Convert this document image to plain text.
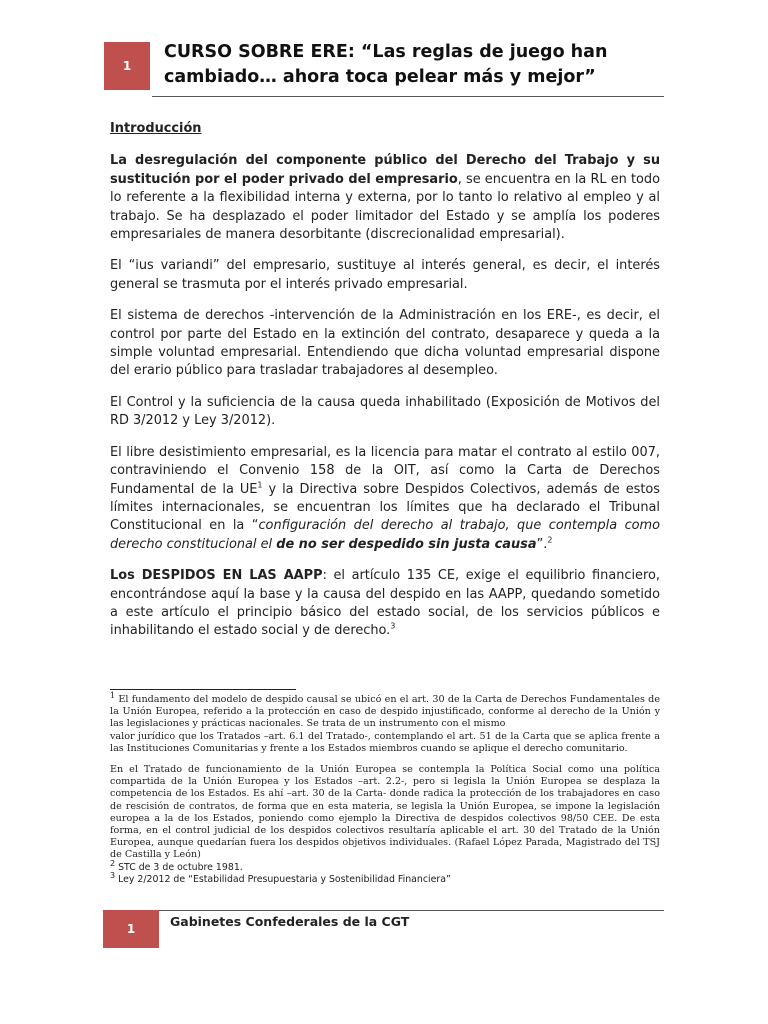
1
CURSO SOBRE ERE: “Las reglas de juego han cambiado… ahora toca pelear más y mejor”

Introducción

La desregulación del componente público del Derecho del Trabajo y su sustitución por el poder privado del empresario, se encuentra en la RL en todo lo referente a la flexibilidad interna y externa, por lo tanto lo relativo al empleo y al trabajo. Se ha desplazado el poder limitador del Estado y se amplía los poderes empresariales de manera desorbitante (discrecionalidad empresarial).

El “ius variandi” del empresario, sustituye al interés general, es decir, el interés general se trasmuta por el interés privado empresarial.

El sistema de derechos -intervención de la Administración en los ERE-, es decir, el control por parte del Estado en la extinción del contrato, desaparece y queda a la simple voluntad empresarial. Entendiendo que dicha voluntad empresarial dispone del erario público para trasladar trabajadores al desempleo.

El Control y la suficiencia de la causa queda inhabilitado (Exposición de Motivos del RD 3/2012 y Ley 3/2012).

El libre desistimiento empresarial, es la licencia para matar el contrato al estilo 007, contraviniendo el Convenio 158 de la OIT, así como la Carta de Derechos Fundamental de la $UE^1$ y la Directiva sobre Despidos Colectivos, además de estos límites internacionales, se encuentran los límites que ha declarado el Tribunal Constitucional en la “configuración del derecho al trabajo, que contempla como derecho constitucional el de no ser despedido sin justa causa”.$^2$

Los DESPIDOS EN LAS AAPP: el artículo 135 CE, exige el equilibrio financiero, encontrándose aquí la base y la causa del despido en las AAPP, quedando sometido a este artículo el principio básico del estado social, de los servicios públicos e inhabilitando el estado social y de derecho.$^3$

$^1$ El fundamento del modelo de despido causal se ubicó en el art. 30 de la Carta de Derechos Fundamentales de la Unión Europea, referido a la protección en caso de despido injustificado, conforme al derecho de la Unión y las legislaciones y prácticas nacionales. Se trata de un instrumento con el mismo

valor jurídico que los Tratados –art. 6.1 del Tratado-, contemplando el art. 51 de la Carta que se aplica frente a las Instituciones Comunitarias y frente a los Estados miembros cuando se aplique el derecho comunitario.

En el Tratado de funcionamiento de la Unión Europea se contempla la Política Social como una política compartida de la Unión Europea y los Estados –art. 2.2-, pero si legisla la Unión Europea se desplaza la competencia de los Estados. Es ahí –art. 30 de la Carta- donde radica la protección de los trabajadores en caso de rescisión de contratos, de forma que en esta materia, se legisla la Unión Europea, se impone la legislación europea a la de los Estados, poniendo como ejemplo la Directiva de despidos colectivos 98/50 CEE. De esta forma, en el control judicial de los despidos colectivos resultaría aplicable el art. 30 del Tratado de la Unión Europea, aunque quedarían fuera los despidos objetivos individuales. (Rafael López Parada, Magistrado del TSJ de Castilla y León)

$^2$ STC de 3 de octubre 1981.

$^3$ Ley 2/2012 de “Estabilidad Presupuestaria y Sostenibilidad Financiera”

1	Gabinetes Confederales de la CGT
